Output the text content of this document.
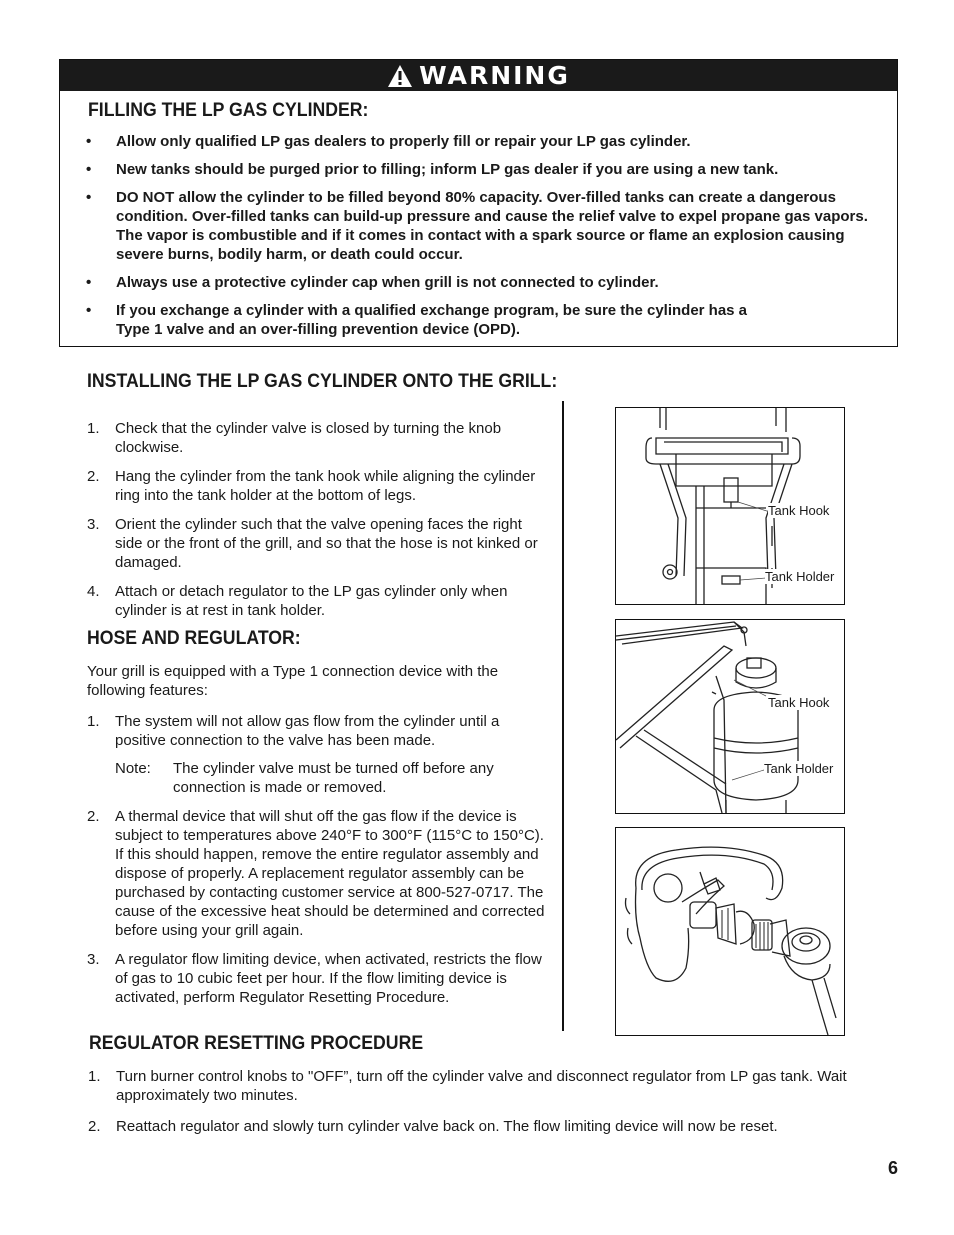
WARNING
FILLING THE LP GAS CYLINDER:
• Allow only qualified LP gas dealers to properly fill or repair your LP gas cylinder.
• New tanks should be purged prior to filling; inform LP gas dealer if you are using a new tank.
• DO NOT allow the cylinder to be filled beyond 80% capacity. Over-filled tanks can create a dangerous condition. Over-filled tanks can build-up pressure and cause the relief valve to expel propane gas vapors. The vapor is combustible and if it comes in contact with a spark source or flame an explosion causing severe burns, bodily harm, or death could occur.
• Always use a protective cylinder cap when grill is not connected to cylinder.
• If you exchange a cylinder with a qualified exchange program, be sure the cylinder has a Type 1 valve and an over-filling prevention device (OPD).
INSTALLING THE LP GAS CYLINDER ONTO THE GRILL:
1. Check that the cylinder valve is closed by turning the knob clockwise.
2. Hang the cylinder from the tank hook while aligning the cylinder ring into the tank holder at the bottom of legs.
3. Orient the cylinder such that the valve opening faces the right side or the front of the grill, and so that the hose is not kinked or damaged.
4. Attach or detach regulator to the LP gas cylinder only when cylinder is at rest in tank holder.
HOSE AND REGULATOR:

Your grill is equipped with a Type 1 connection device with the following features:

1. The system will not allow gas flow from the cylinder until a positive connection to the valve has been made.
Note: The cylinder valve must be turned off before any connection is made or removed.
2. A thermal device that will shut off the gas flow if the device is subject to temperatures above 240°F to 300°F (115°C to 150°C). If this should happen, remove the entire regulator assembly and dispose of properly. A replacement regulator assembly can be purchased by contacting customer service at 800-527-0717. The cause of the excessive heat should be determined and corrected before using your grill again.
3. A regulator flow limiting device, when activated, restricts the flow of gas to 10 cubic feet per hour. If the flow limiting device is activated, perform Regulator Resetting Procedure.
Tank Hook
Tank Holder
Tank Hook
Tank Holder
REGULATOR RESETTING PROCEDURE
1. Turn burner control knobs to "OFF”, turn off the cylinder valve and disconnect regulator from LP gas tank. Wait approximately two minutes.
2. Reattach regulator and slowly turn cylinder valve back on. The flow limiting device will now be reset.
6
